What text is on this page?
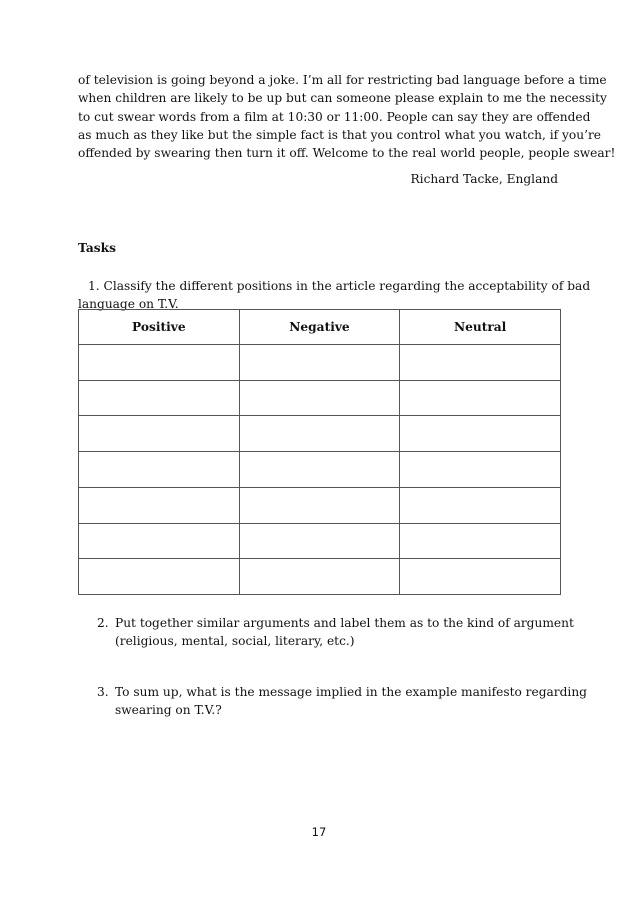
of television is going beyond a joke. I’m all for restricting bad language before a time
when children are likely to be up but can someone please explain to me the necessity
to cut swear words from a film at 10:30 or 11:00. People can say they are offended
as much as they like but the simple fact is that you control what you watch, if you’re
offended by swearing then turn it off. Welcome to the real world people, people swear!
Richard Tacke, England
Tasks
1. Classify the different positions in the article regarding the acceptability of bad
language on T.V.
Positive	Negative	Neutral

2. Put together similar arguments and label them as to the kind of argument
(religious, mental, social, literary, etc.)
3. To sum up, what is the message implied in the example manifesto regarding
swearing on T.V.?
17
